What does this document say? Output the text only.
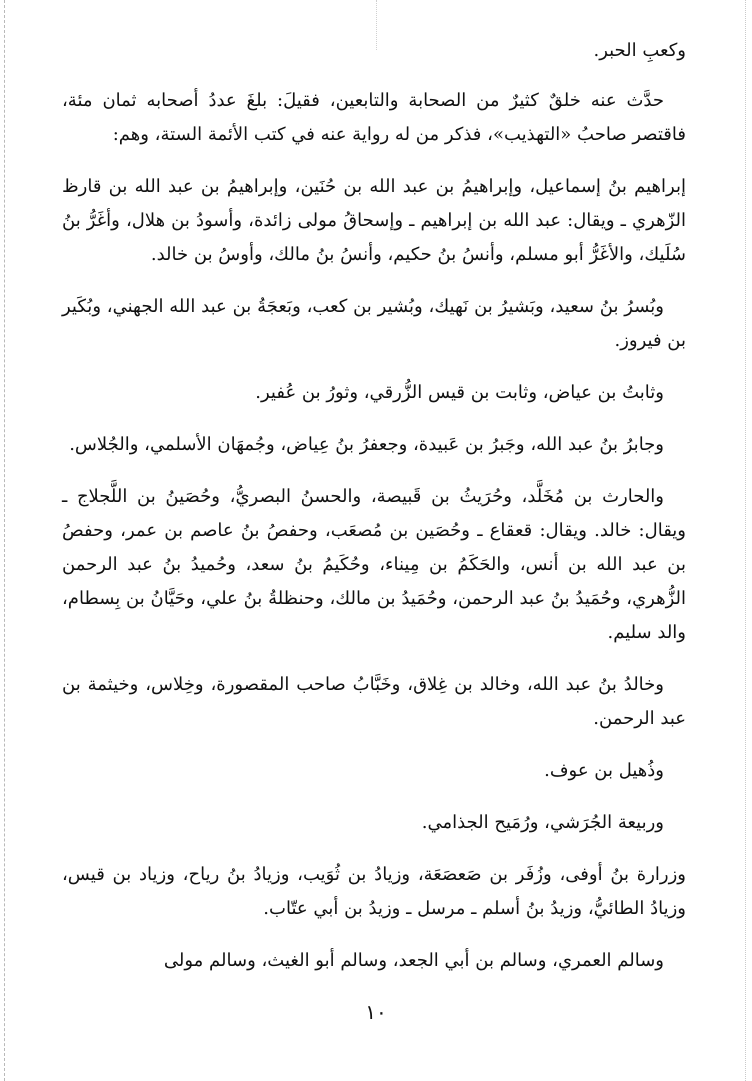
وكعبِ الحبر.

حدَّث عنه خلقٌ كثيرٌ من الصحابة والتابعين، فقيلَ: بلغَ عددُ أصحابه ثمان مئة، فاقتصر صاحبُ «التهذيب»، فذكر من له رواية عنه في كتب الأئمة الستة، وهم:

إبراهيم بنُ إسماعيل، وإبراهيمُ بن عبد الله بن حُنَين، وإبراهيمُ بن عبد الله بن قارظ الزّهري ـ ويقال: عبد الله بن إبراهيم ـ وإسحاقُ مولى زائدة، وأسودُ بن هلال، وأغَرُّ بنُ سُلَيك، والأغَرُّ أبو مسلم، وأنسُ بنُ حكيم، وأنسُ بنُ مالك، وأوسُ بن خالد.

وبُسرُ بنُ سعيد، وبَشيرُ بن نَهيك، وبُشير بن كعب، وبَعجَةُ بن عبد الله الجهني، وبُكَير بن فيروز.

وثابتُ بن عياض، وثابت بن قيس الزُّرقي، وثورُ بن عُفير.

وجابرُ بنُ عبد الله، وجَبرُ بن عَبيدة، وجعفرُ بنُ عِياض، وجُمهَان الأسلمي، والجُلاس.

والحارث بن مُخَلَّد، وحُرَيثُ بن قَبيصة، والحسنُ البصريُّ، وحُصَينُ بن اللَّجلاج ـ ويقال: خالد. ويقال: قعقاع ـ وحُصَين بن مُصعَب، وحفصُ بنُ عاصم بن عمر، وحفصُ بن عبد الله بن أنس، والحَكَمُ بن مِيناء، وحُكَيمُ بنُ سعد، وحُميدُ بنُ عبد الرحمن الزُّهري، وحُمَيدُ بنُ عبد الرحمن، وحُمَيدُ بن مالك، وحنظلةُ بنُ علي، وحَيَّانُ بن بِسطام، والد سليم.

وخالدُ بنُ عبد الله، وخالد بن غِلاق، وخَبَّابُ صاحب المقصورة، وخِلاس، وخيثمة بن عبد الرحمن.

وذُهيل بن عوف.

وربيعة الجُرَشي، ورُمَيح الجذامي.

وزرارة بنُ أوفى، وزُفَر بن صَعصَعَة، وزيادُ بن ثُوَيب، وزيادُ بنُ رياح، وزياد بن قيس، وزيادُ الطائيُّ، وزيدُ بنُ أسلم ـ مرسل ـ وزيدُ بن أبي عتّاب.

وسالم العمري، وسالم بن أبي الجعد، وسالم أبو الغيث، وسالم مولى

١٠
